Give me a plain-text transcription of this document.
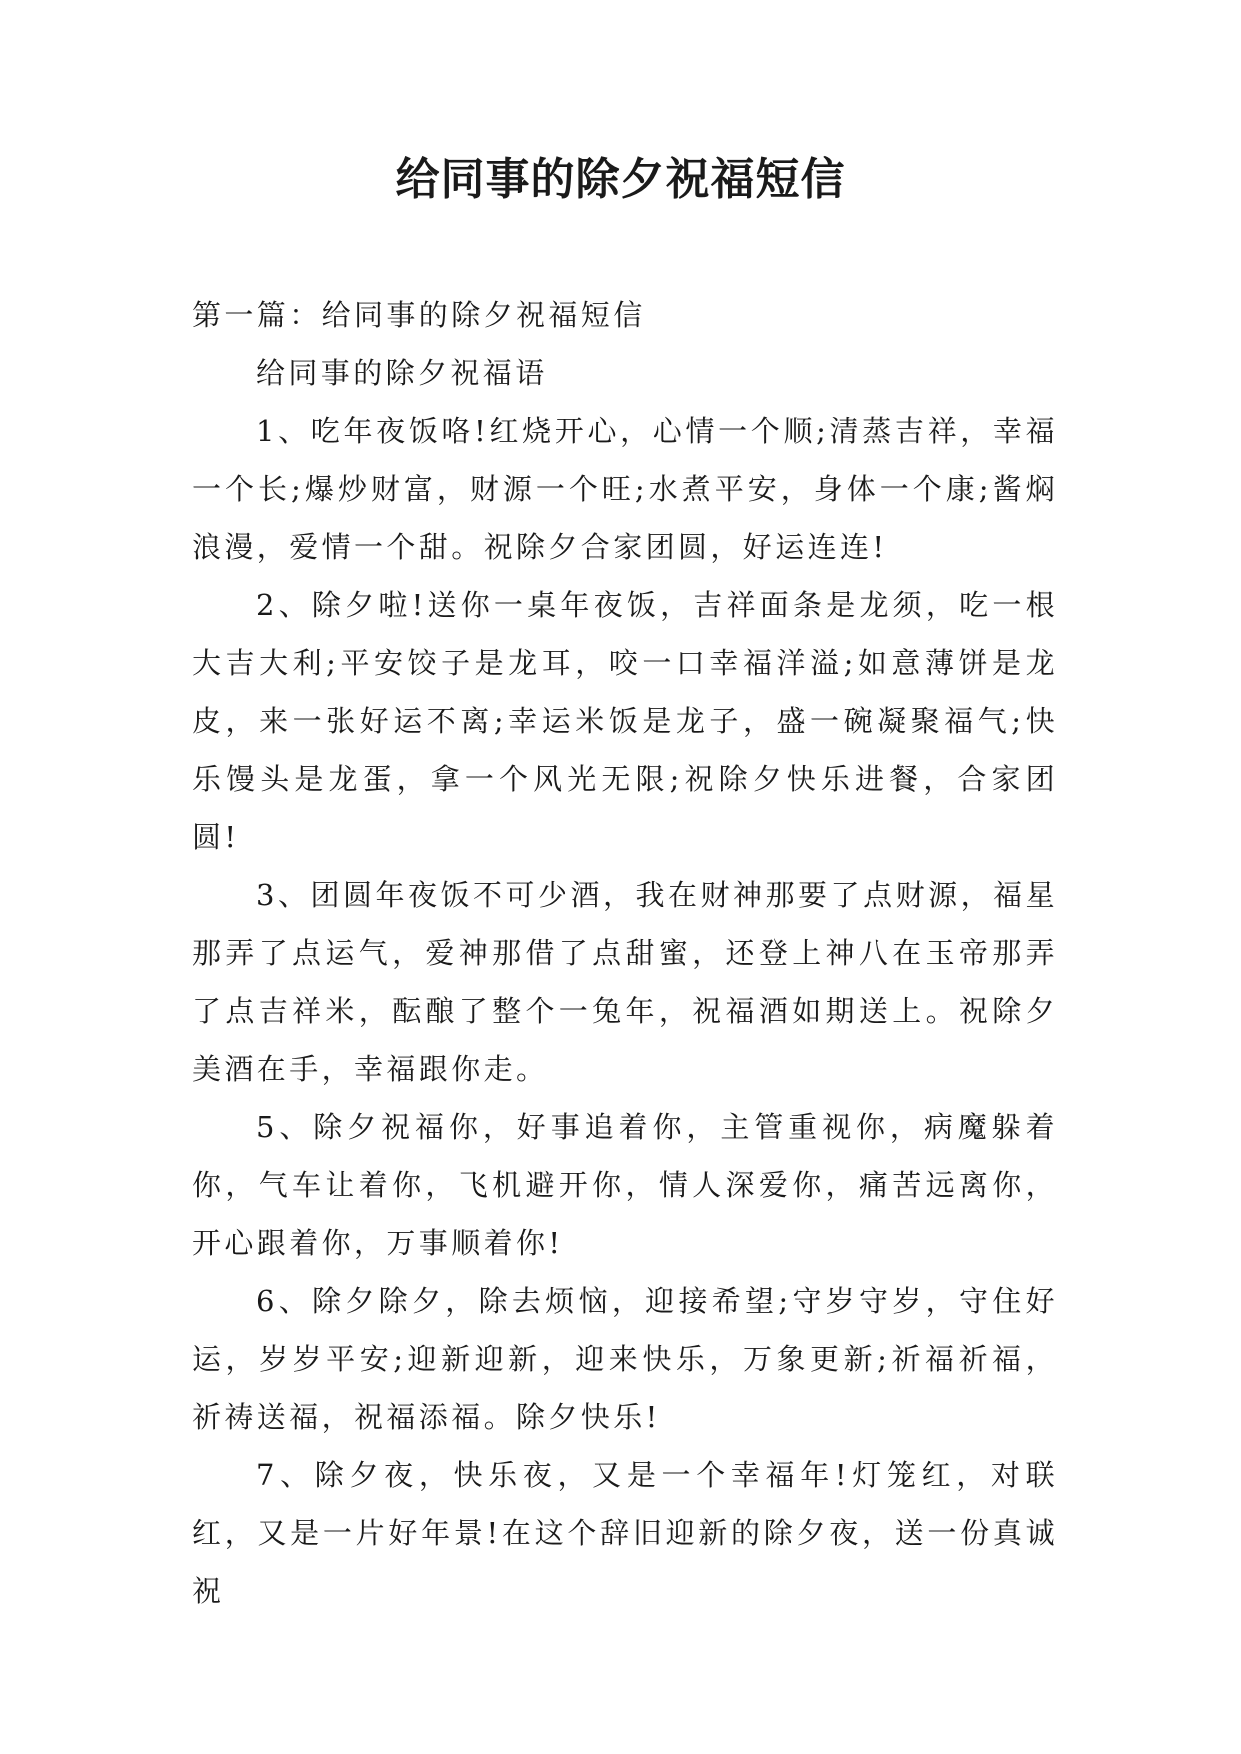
给同事的除夕祝福短信

第一篇：给同事的除夕祝福短信

给同事的除夕祝福语

1、吃年夜饭咯!红烧开心，心情一个顺;清蒸吉祥，幸福一个长;爆炒财富，财源一个旺;水煮平安，身体一个康;酱焖浪漫，爱情一个甜。祝除夕合家团圆，好运连连!

2、除夕啦!送你一桌年夜饭，吉祥面条是龙须，吃一根大吉大利;平安饺子是龙耳，咬一口幸福洋溢;如意薄饼是龙皮，来一张好运不离;幸运米饭是龙子，盛一碗凝聚福气;快乐馒头是龙蛋，拿一个风光无限;祝除夕快乐进餐，合家团圆!

3、团圆年夜饭不可少酒，我在财神那要了点财源，福星那弄了点运气，爱神那借了点甜蜜，还登上神八在玉帝那弄了点吉祥米，酝酿了整个一兔年，祝福酒如期送上。祝除夕美酒在手，幸福跟你走。

5、除夕祝福你，好事追着你，主管重视你，病魔躲着你，气车让着你，飞机避开你，情人深爱你，痛苦远离你，开心跟着你，万事顺着你!

6、除夕除夕，除去烦恼，迎接希望;守岁守岁，守住好运，岁岁平安;迎新迎新，迎来快乐，万象更新;祈福祈福，祈祷送福，祝福添福。除夕快乐!

7、除夕夜，快乐夜，又是一个幸福年!灯笼红，对联红，又是一片好年景!在这个辞旧迎新的除夕夜，送一份真诚祝
